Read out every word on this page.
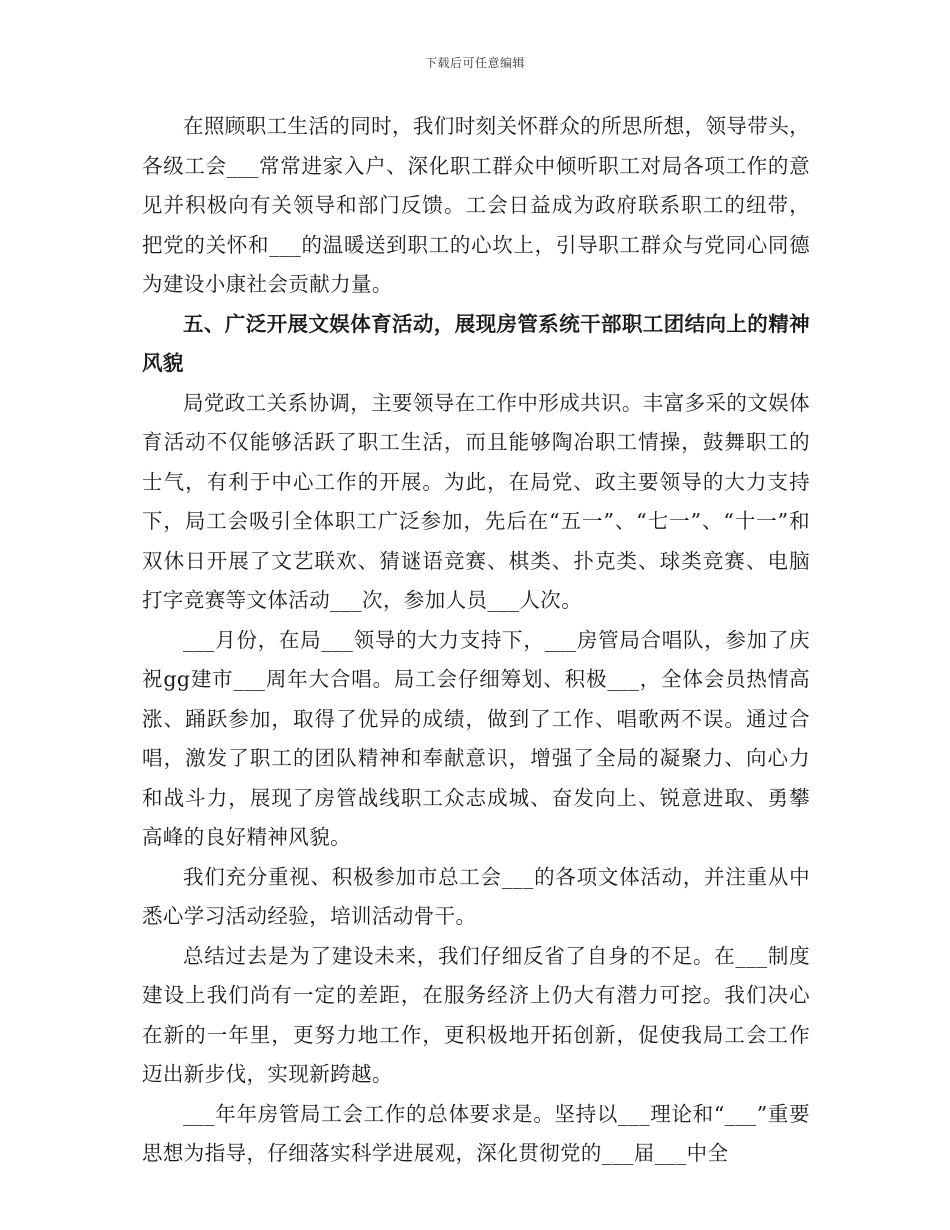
下载后可任意编辑

在照顾职工生活的同时，我们时刻关怀群众的所思所想，领导带头，各级工会___常常进家入户、深化职工群众中倾听职工对局各项工作的意见并积极向有关领导和部门反馈。工会日益成为政府联系职工的纽带，把党的关怀和___的温暖送到职工的心坎上，引导职工群众与党同心同德为建设小康社会贡献力量。

五、广泛开展文娱体育活动，展现房管系统干部职工团结向上的精神风貌

局党政工关系协调，主要领导在工作中形成共识。丰富多采的文娱体育活动不仅能够活跃了职工生活，而且能够陶冶职工情操，鼓舞职工的士气，有利于中心工作的开展。为此，在局党、政主要领导的大力支持下，局工会吸引全体职工广泛参加，先后在“五一”、“七一”、“十一”和双休日开展了文艺联欢、猜谜语竞赛、棋类、扑克类、球类竞赛、电脑打字竞赛等文体活动___次，参加人员___人次。

___月份，在局___领导的大力支持下，___房管局合唱队，参加了庆祝gg建市___周年大合唱。局工会仔细筹划、积极___，全体会员热情高涨、踊跃参加，取得了优异的成绩，做到了工作、唱歌两不误。通过合唱，激发了职工的团队精神和奉献意识，增强了全局的凝聚力、向心力和战斗力，展现了房管战线职工众志成城、奋发向上、锐意进取、勇攀高峰的良好精神风貌。

我们充分重视、积极参加市总工会___的各项文体活动，并注重从中悉心学习活动经验，培训活动骨干。

总结过去是为了建设未来，我们仔细反省了自身的不足。在___制度建设上我们尚有一定的差距，在服务经济上仍大有潜力可挖。我们决心在新的一年里，更努力地工作，更积极地开拓创新，促使我局工会工作迈出新步伐，实现新跨越。

___年年房管局工会工作的总体要求是。坚持以___理论和“___”重要思想为指导，仔细落实科学进展观，深化贯彻党的___届___中全
